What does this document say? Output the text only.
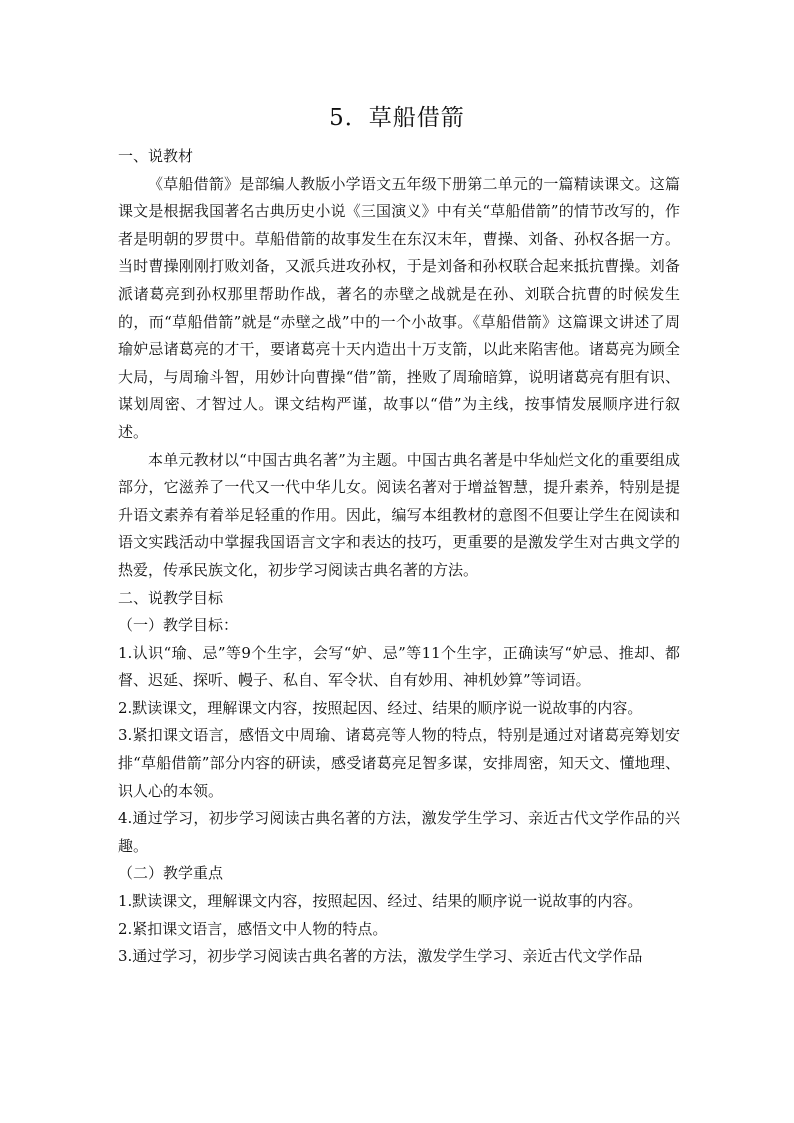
5．草船借箭
一、说教材
《草船借箭》是部编人教版小学语文五年级下册第二单元的一篇精读课文。这篇课文是根据我国著名古典历史小说《三国演义》中有关“草船借箭”的情节改写的，作者是明朝的罗贯中。草船借箭的故事发生在东汉末年，曹操、刘备、孙权各据一方。当时曹操刚刚打败刘备，又派兵进攻孙权，于是刘备和孙权联合起来抵抗曹操。刘备派诸葛亮到孙权那里帮助作战，著名的赤壁之战就是在孙、刘联合抗曹的时候发生的，而“草船借箭”就是“赤壁之战”中的一个小故事。《草船借箭》这篇课文讲述了周瑜妒忌诸葛亮的才干，要诸葛亮十天内造出十万支箭，以此来陷害他。诸葛亮为顾全大局，与周瑜斗智，用妙计向曹操“借”箭，挫败了周瑜暗算，说明诸葛亮有胆有识、谋划周密、才智过人。课文结构严谨，故事以“借”为主线，按事情发展顺序进行叙述。
本单元教材以“中国古典名著”为主题。中国古典名著是中华灿烂文化的重要组成部分，它滋养了一代又一代中华儿女。阅读名著对于增益智慧，提升素养，特别是提升语文素养有着举足轻重的作用。因此，编写本组教材的意图不但要让学生在阅读和语文实践活动中掌握我国语言文字和表达的技巧，更重要的是激发学生对古典文学的热爱，传承民族文化，初步学习阅读古典名著的方法。
二、说教学目标
（一）教学目标：
1.认识“瑜、忌”等9个生字，会写“妒、忌”等11个生字，正确读写“妒忌、推却、都督、迟延、探听、幔子、私自、军令状、自有妙用、神机妙算”等词语。
2.默读课文，理解课文内容，按照起因、经过、结果的顺序说一说故事的内容。
3.紧扣课文语言，感悟文中周瑜、诸葛亮等人物的特点，特别是通过对诸葛亮筹划安排“草船借箭”部分内容的研读，感受诸葛亮足智多谋，安排周密，知天文、懂地理、识人心的本领。
4.通过学习，初步学习阅读古典名著的方法，激发学生学习、亲近古代文学作品的兴趣。
（二）教学重点
1.默读课文，理解课文内容，按照起因、经过、结果的顺序说一说故事的内容。
2.紧扣课文语言，感悟文中人物的特点。
3.通过学习，初步学习阅读古典名著的方法，激发学生学习、亲近古代文学作品
